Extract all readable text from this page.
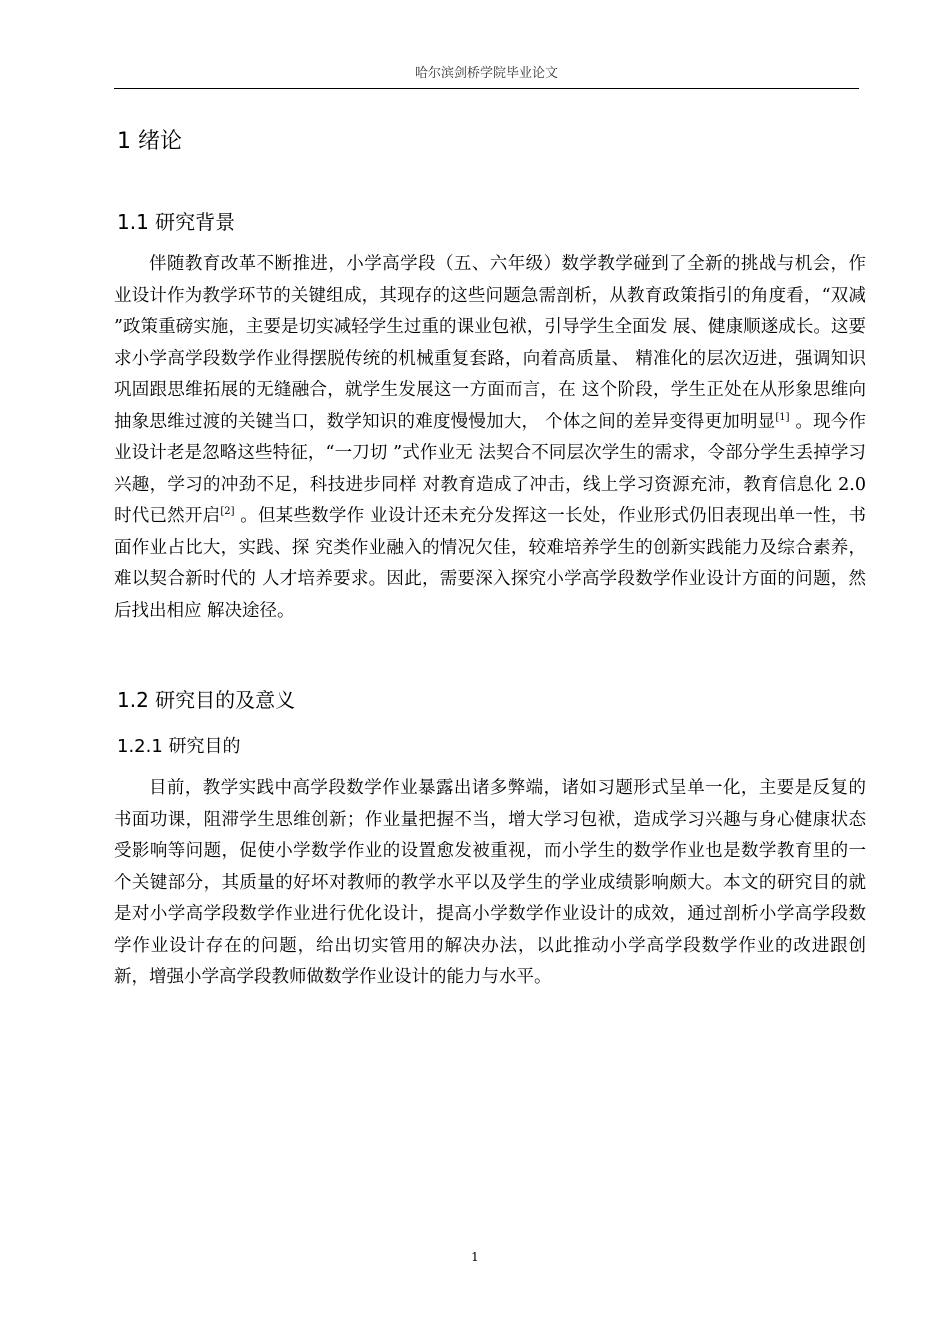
哈尔滨剑桥学院毕业论文
1 绪论
1.1 研究背景

伴随教育改革不断推进，小学高学段（五、六年级）数学教学碰到了全新的挑战与机会，作业设计作为教学环节的关键组成，其现存的这些问题急需剖析，从教育政策指引的角度看，“双减 ”政策重磅实施，主要是切实减轻学生过重的课业包袱，引导学生全面发 展、健康顺遂成长。这要求小学高学段数学作业得摆脱传统的机械重复套路，向着高质量、 精准化的层次迈进，强调知识巩固跟思维拓展的无缝融合，就学生发展这一方面而言，在 这个阶段，学生正处在从形象思维向抽象思维过渡的关键当口，数学知识的难度慢慢加大， 个体之间的差异变得更加明显[1] 。现今作业设计老是忽略这些特征，“一刀切 ”式作业无 法契合不同层次学生的需求，令部分学生丢掉学习兴趣，学习的冲劲不足，科技进步同样 对教育造成了冲击，线上学习资源充沛，教育信息化 2.0 时代已然开启[2] 。但某些数学作 业设计还未充分发挥这一长处，作业形式仍旧表现出单一性，书面作业占比大，实践、探 究类作业融入的情况欠佳，较难培养学生的创新实践能力及综合素养，难以契合新时代的 人才培养要求。因此，需要深入探究小学高学段数学作业设计方面的问题，然后找出相应 解决途径。

1.2 研究目的及意义
1.2.1 研究目的

目前，教学实践中高学段数学作业暴露出诸多弊端，诸如习题形式呈单一化，主要是反复的书面功课，阻滞学生思维创新；作业量把握不当，增大学习包袱，造成学习兴趣与身心健康状态受影响等问题，促使小学数学作业的设置愈发被重视，而小学生的数学作业也是数学教育里的一个关键部分，其质量的好坏对教师的教学水平以及学生的学业成绩影响颇大。本文的研究目的就是对小学高学段数学作业进行优化设计，提高小学数学作业设计的成效，通过剖析小学高学段数学作业设计存在的问题，给出切实管用的解决办法，以此推动小学高学段数学作业的改进跟创新，增强小学高学段教师做数学作业设计的能力与水平。

1
